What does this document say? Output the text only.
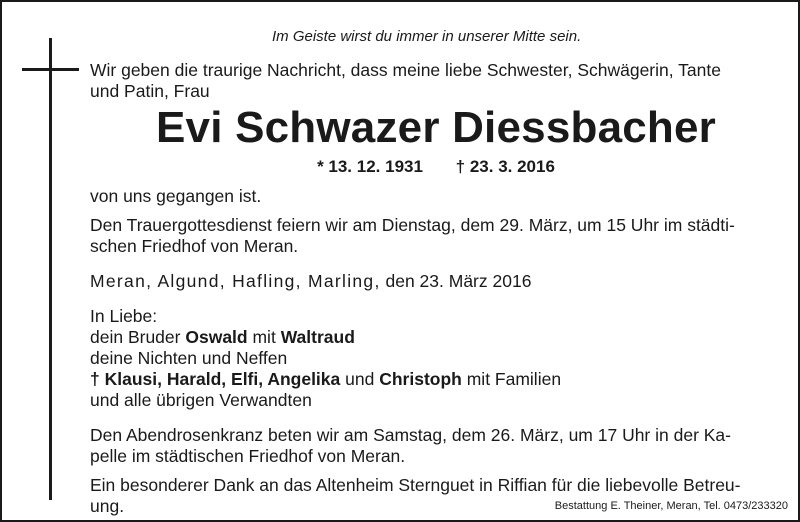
Im Geiste wirst du immer in unserer Mitte sein.

Wir geben die traurige Nachricht, dass meine liebe Schwester, Schwägerin, Tante

und Patin, Frau

Evi Schwazer Diessbacher
* 13. 12. 1931 † 23. 3. 2016

von uns gegangen ist.

Den Trauergottesdienst feiern wir am Dienstag, dem 29. März, um 15 Uhr im städti-

schen Friedhof von Meran.

Meran, Algund, Hafling, Marling, den 23. März 2016

In Liebe:

dein Bruder Oswald mit Waltraud

deine Nichten und Neffen

† Klausi, Harald, Elfi, Angelika und Christoph mit Familien

und alle übrigen Verwandten

Den Abendrosenkranz beten wir am Samstag, dem 26. März, um 17 Uhr in der Ka-

pelle im städtischen Friedhof von Meran.

Ein besonderer Dank an das Altenheim Sternguet in Riffian für die liebevolle Betreu-

ung.	Bestattung E. Theiner, Meran, Tel. 0473/233320
